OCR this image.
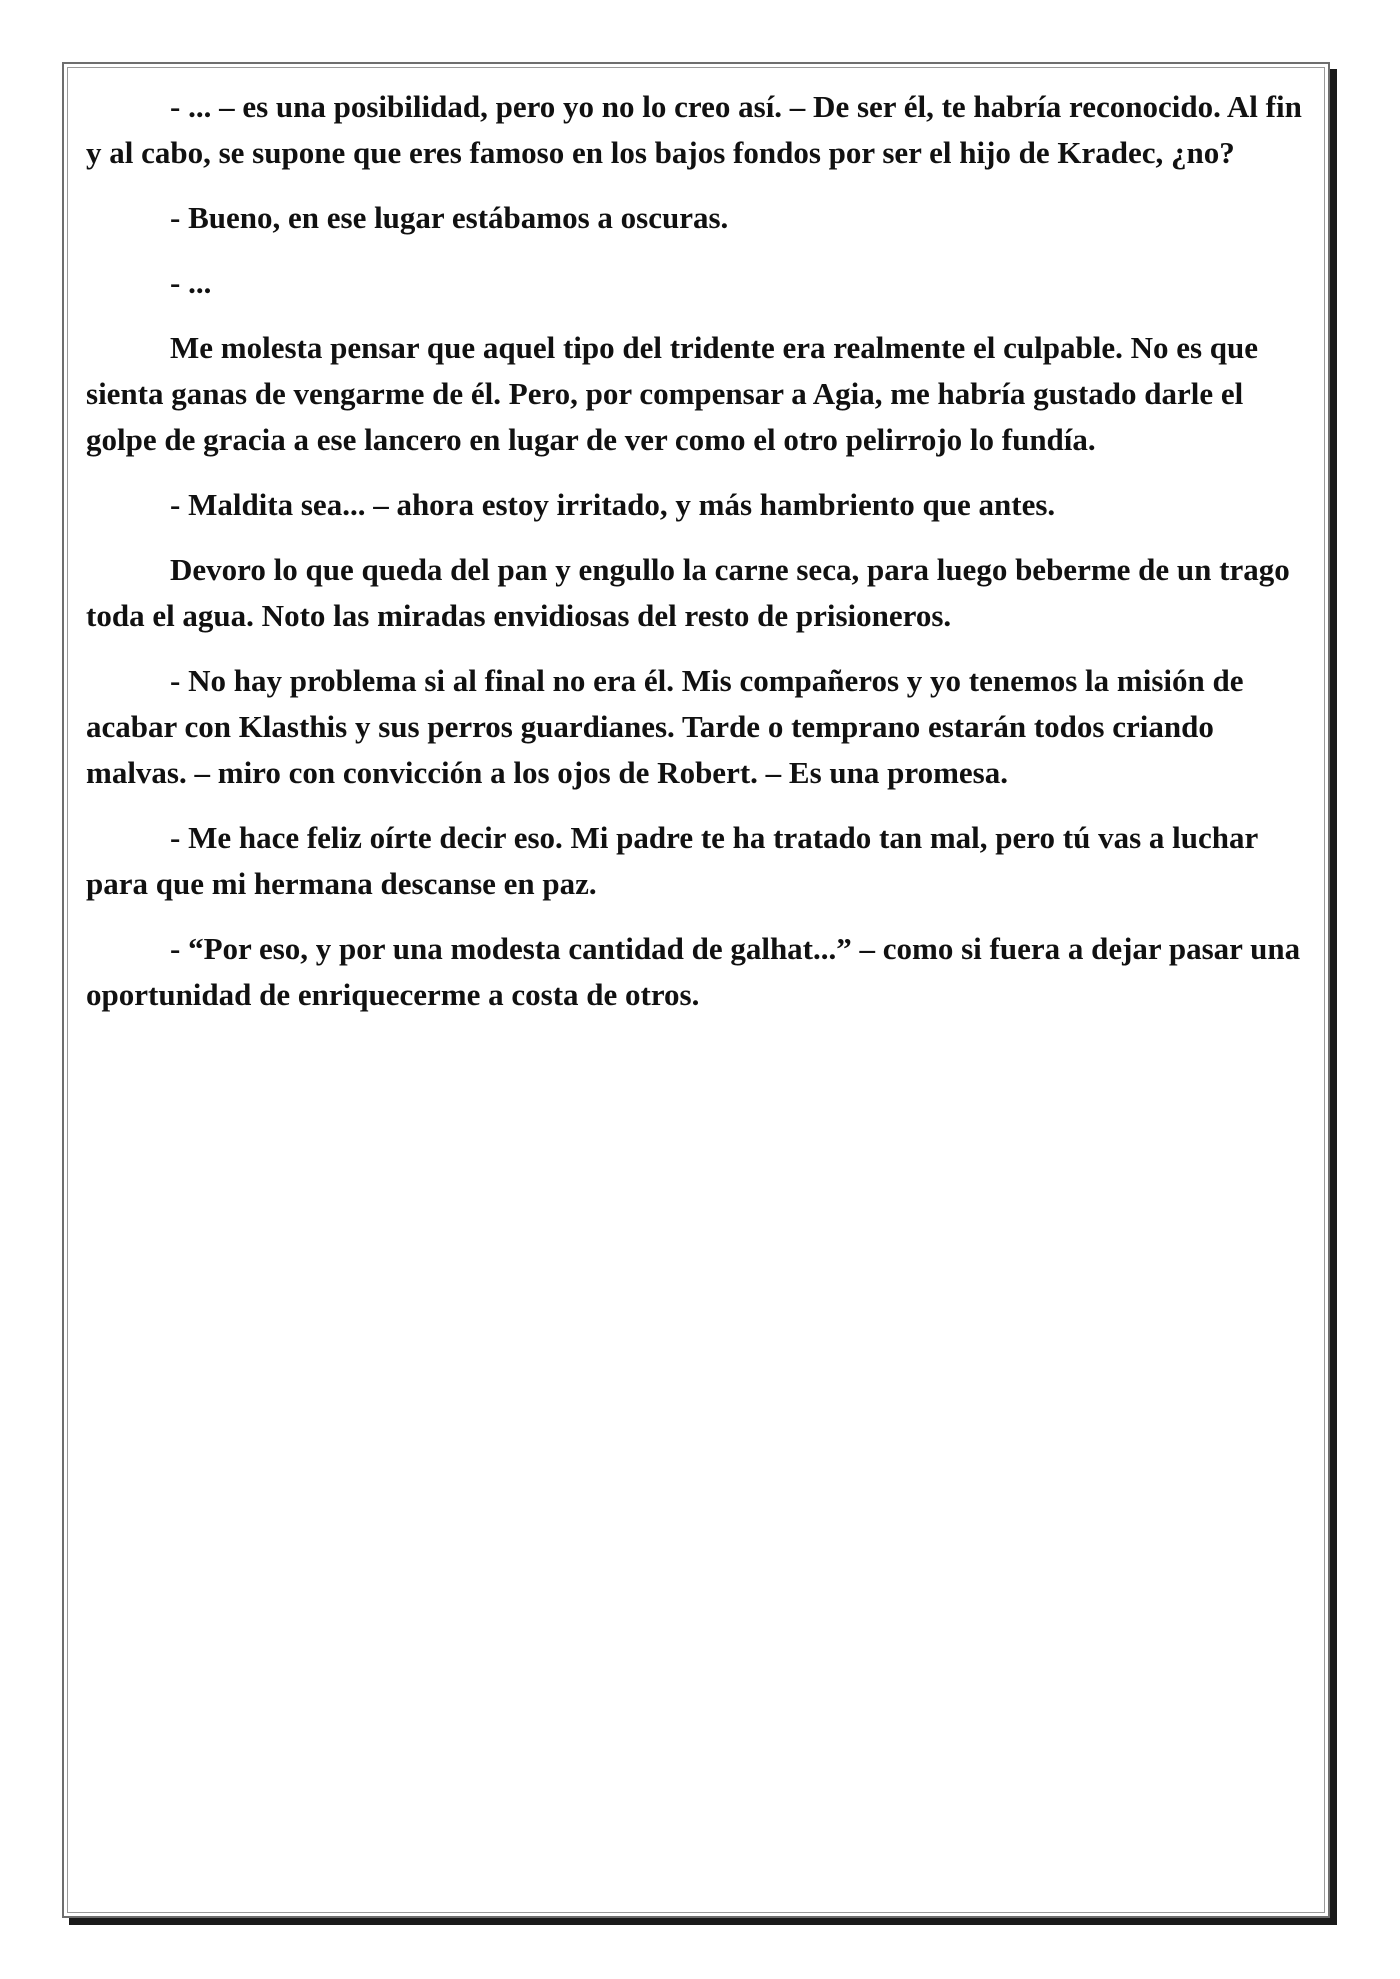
- ... – es una posibilidad, pero yo no lo creo así. – De ser él, te habría reconocido. Al fin y al cabo, se supone que eres famoso en los bajos fondos por ser el hijo de Kradec, ¿no?

- Bueno, en ese lugar estábamos a oscuras.

- ...

Me molesta pensar que aquel tipo del tridente era realmente el culpable. No es que sienta ganas de vengarme de él. Pero, por compensar a Agia, me habría gustado darle el golpe de gracia a ese lancero en lugar de ver como el otro pelirrojo lo fundía.

- Maldita sea... – ahora estoy irritado, y más hambriento que antes.

Devoro lo que queda del pan y engullo la carne seca, para luego beberme de un trago toda el agua. Noto las miradas envidiosas del resto de prisioneros.

- No hay problema si al final no era él. Mis compañeros y yo tenemos la misión de acabar con Klasthis y sus perros guardianes. Tarde o temprano estarán todos criando malvas. – miro con convicción a los ojos de Robert. – Es una promesa.

- Me hace feliz oírte decir eso. Mi padre te ha tratado tan mal, pero tú vas a luchar para que mi hermana descanse en paz.

- “Por eso, y por una modesta cantidad de galhat...” – como si fuera a dejar pasar una oportunidad de enriquecerme a costa de otros.
